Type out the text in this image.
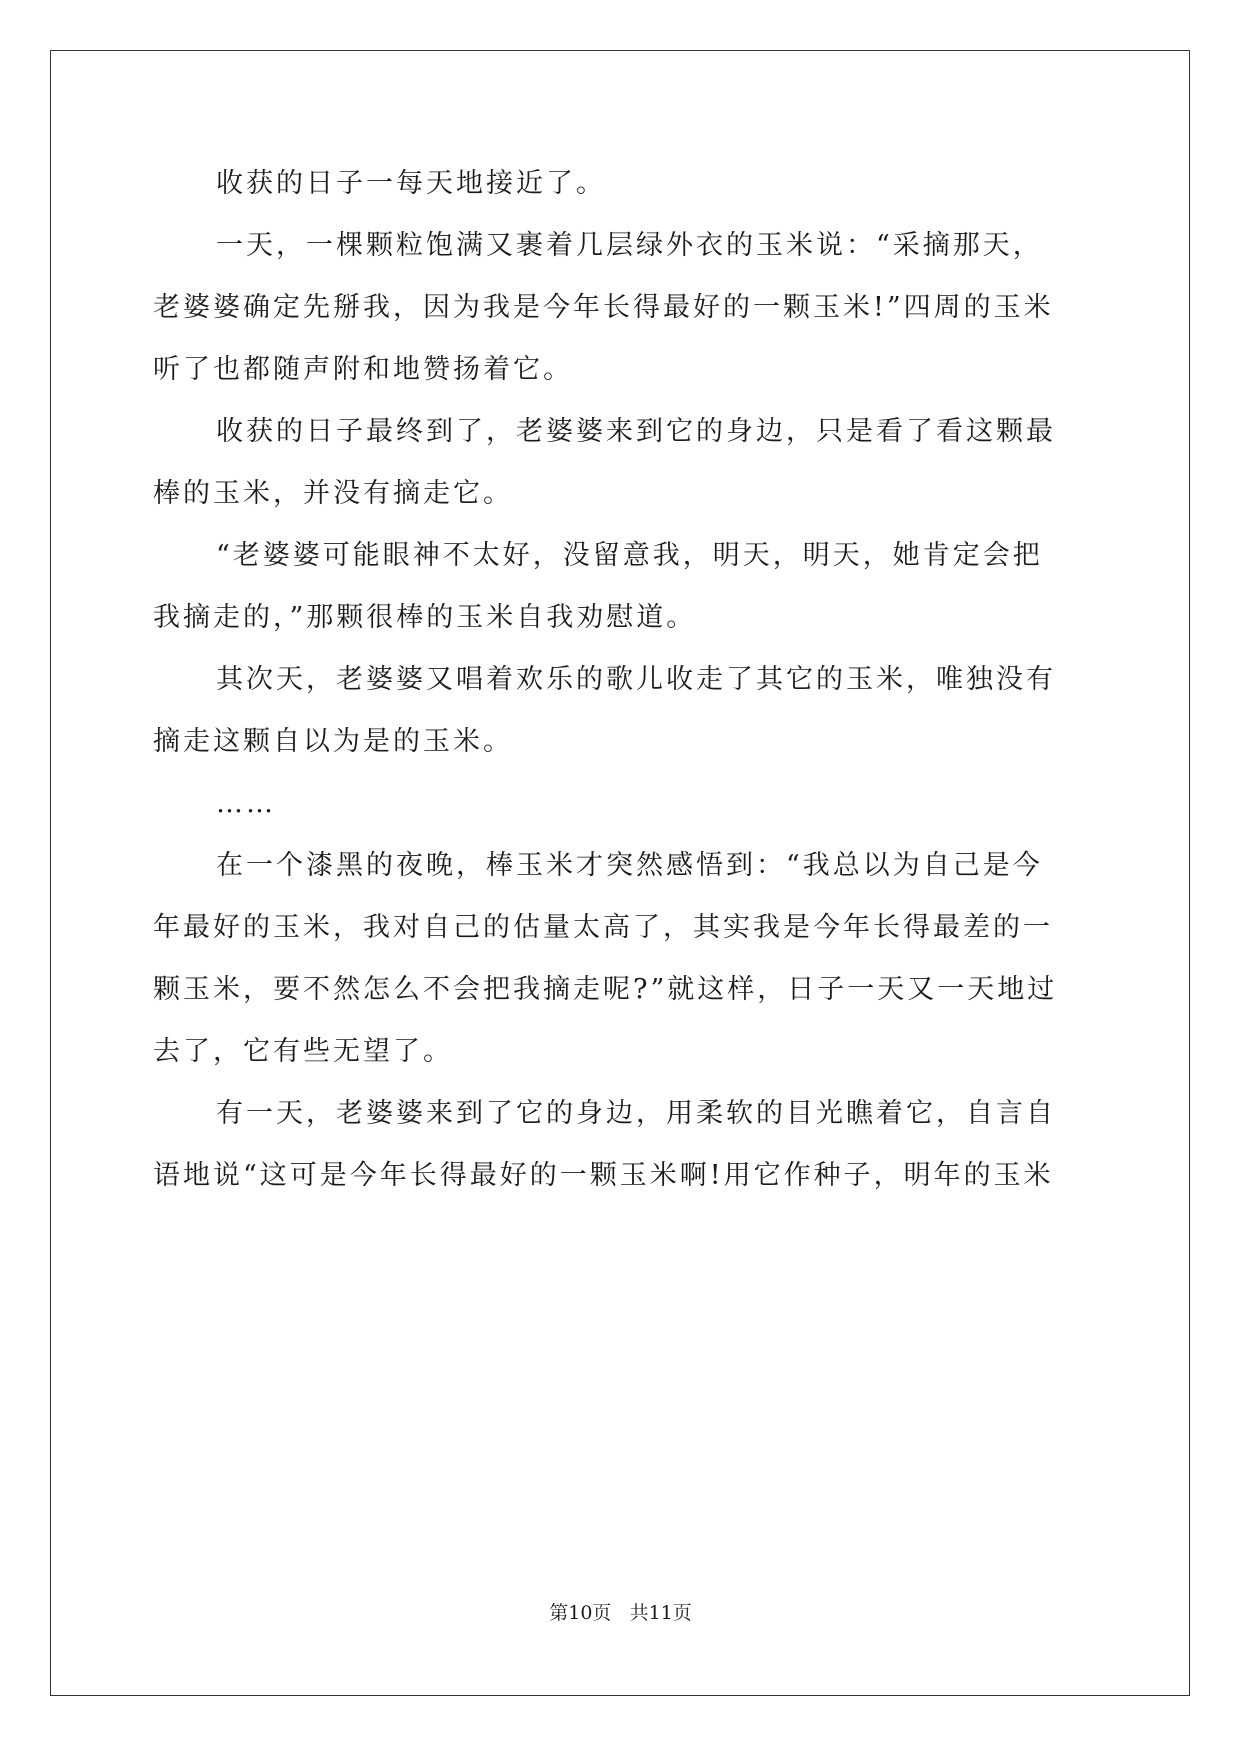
收获的日子一每天地接近了。
一天，一棵颗粒饱满又裹着几层绿外衣的玉米说：“采摘那天，
老婆婆确定先掰我，因为我是今年长得最好的一颗玉米!”四周的玉米
听了也都随声附和地赞扬着它。
收获的日子最终到了，老婆婆来到它的身边，只是看了看这颗最
棒的玉米，并没有摘走它。
“老婆婆可能眼神不太好，没留意我，明天，明天，她肯定会把
我摘走的，”那颗很棒的玉米自我劝慰道。
其次天，老婆婆又唱着欢乐的歌儿收走了其它的玉米，唯独没有
摘走这颗自以为是的玉米。
……
在一个漆黑的夜晚，棒玉米才突然感悟到：“我总以为自己是今
年最好的玉米，我对自己的估量太高了，其实我是今年长得最差的一
颗玉米，要不然怎么不会把我摘走呢?”就这样，日子一天又一天地过
去了，它有些无望了。
有一天，老婆婆来到了它的身边，用柔软的目光瞧着它，自言自
语地说“这可是今年长得最好的一颗玉米啊!用它作种子，明年的玉米
第10页 共11页
